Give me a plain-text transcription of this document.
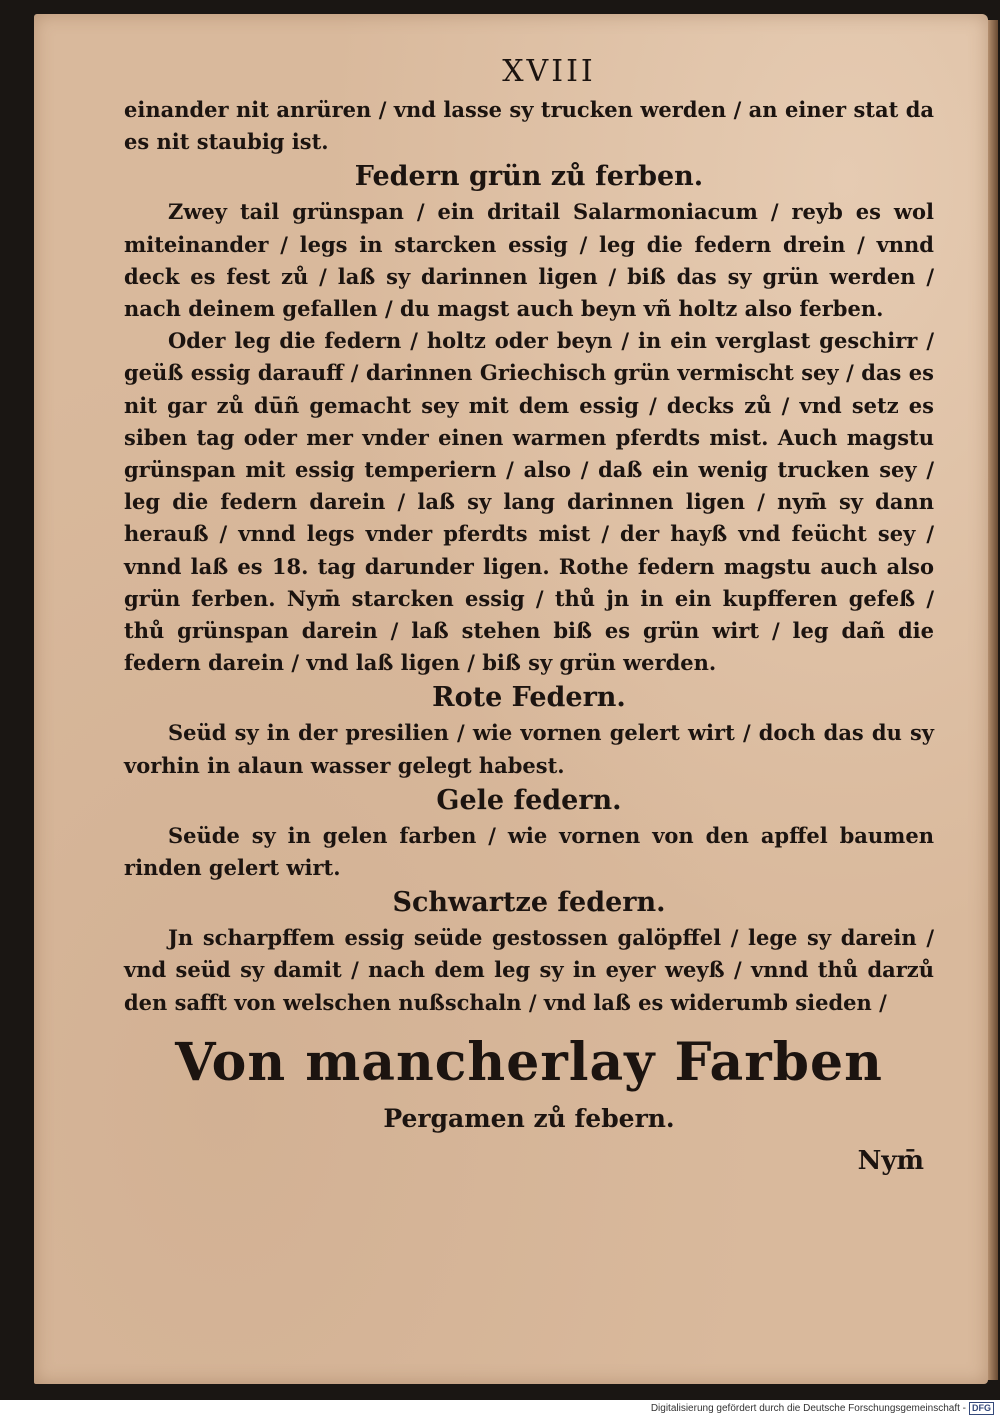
XVIII

einander nit anrüren / vnd lasse sy trucken werden / an einer stat da es nit staubig ist.

Federn grün zů ferben.

Zwey tail grünspan / ein dritail Salarmoniacum / reyb es wol miteinander / legs in starcken essig / leg die federn drein / vnnd deck es fest zů / laß sy darinnen ligen / biß das sy grün werden / nach deinem gefallen / du magst auch beyn vñ holtz also ferben.

Oder leg die federn / holtz oder beyn / in ein verglast geschirr / geüß essig darauff / darinnen Griechisch grün vermischt sey / das es nit gar zů dūñ gemacht sey mit dem essig / decks zů / vnd setz es siben tag oder mer vnder einen warmen pferdts mist. Auch magstu grünspan mit essig temperiern / also / daß ein wenig trucken sey / leg die federn darein / laß sy lang darinnen ligen / nym̄ sy dann herauß / vnnd legs vnder pferdts mist / der hayß vnd feücht sey / vnnd laß es 18. tag darunder ligen. Rothe federn magstu auch also grün ferben. Nym̄ starcken essig / thů jn in ein kupfferen gefeß / thů grünspan darein / laß stehen biß es grün wirt / leg dañ die federn darein / vnd laß ligen / biß sy grün werden.

Rote Federn.

Seüd sy in der presilien / wie vornen gelert wirt / doch das du sy vorhin in alaun wasser gelegt habest.

Gele federn.

Seüde sy in gelen farben / wie vornen von den apffel baumen rinden gelert wirt.

Schwartze federn.

Jn scharpffem essig seüde gestossen galöpffel / lege sy darein / vnd seüd sy damit / nach dem leg sy in eyer weyß / vnnd thů darzů den safft von welschen nußschaln / vnd laß es widerumb sieden /

Von mancherlay Farben
Pergamen zů febern.
Nym̄
Digitalisierung gefördert durch die Deutsche Forschungsgemeinschaft - DFG
